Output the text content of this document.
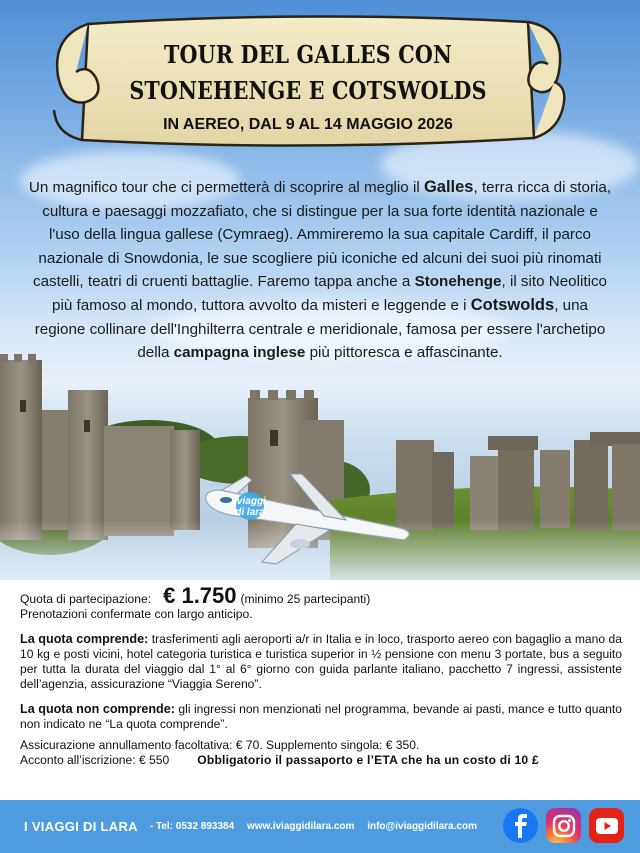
TOUR DEL GALLES CON
STONEHENGE E COTSWOLDS
IN AEREO, DAL 9 AL 14 MAGGIO 2026
Un magnifico tour che ci permetterà di scoprire al meglio il Galles, terra ricca di storia, cultura e paesaggi mozzafiato, che si distingue per la sua forte identità nazionale e l'uso della lingua gallese (Cymraeg). Ammireremo la sua capitale Cardiff, il parco nazionale di Snowdonia, le sue scogliere più iconiche ed alcuni dei suoi più rinomati castelli, teatri di cruenti battaglie. Faremo tappa anche a Stonehenge, il sito Neolitico più famoso al mondo, tuttora avvolto da misteri e leggende e i Cotswolds, una regione collinare dell'Inghilterra centrale e meridionale, famosa per essere l'archetipo della campagna inglese più pittoresca e affascinante.
iviaggi
di lara
Quota di partecipazione: € 1.750 (minimo 25 partecipanti)
Prenotazioni confermate con largo anticipo.
La quota comprende: trasferimenti agli aeroporti a/r in Italia e in loco, trasporto aereo con bagaglio a mano da 10 kg e posti vicini, hotel categoria turistica e turistica superior in ½ pensione con menu 3 portate, bus a seguito per tutta la durata del viaggio dal 1° al 6° giorno con guida parlante italiano, pacchetto 7 ingressi, assistente dell’agenzia, assicurazione “Viaggia Sereno”.
La quota non comprende: gli ingressi non menzionati nel programma, bevande ai pasti, mance e tutto quanto non indicato ne “La quota comprende”.
Assicurazione annullamento facoltativa: € 70. Supplemento singola: € 350.
Acconto all’iscrizione: € 550 Obbligatorio il passaporto e l’ETA che ha un costo di 10 £
I VIAGGI DI LARA - Tel: 0532 893384 www.iviaggidilara.com info@iviaggidilara.com
